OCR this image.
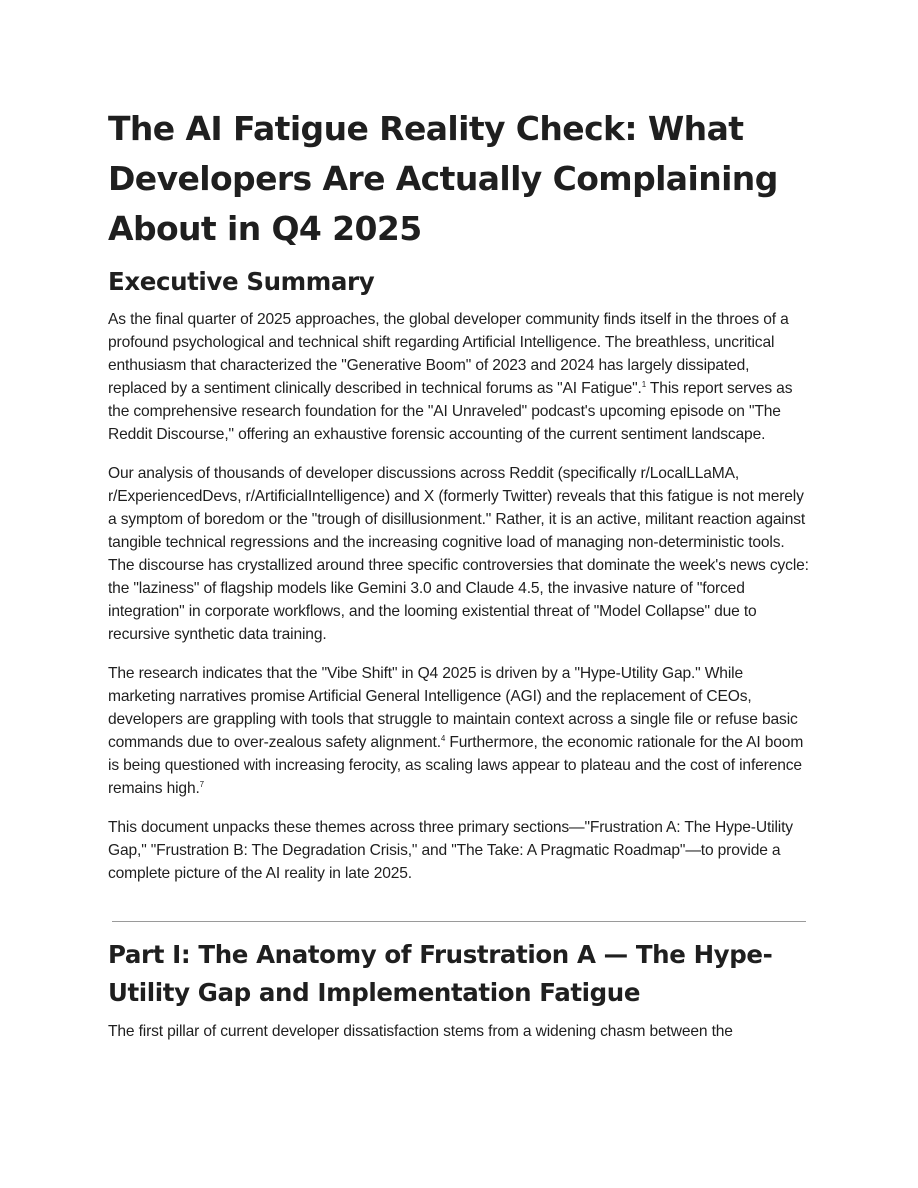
The AI Fatigue Reality Check: What Developers Are Actually Complaining About in Q4 2025
Executive Summary

As the final quarter of 2025 approaches, the global developer community finds itself in the throes of a profound psychological and technical shift regarding Artificial Intelligence. The breathless, uncritical enthusiasm that characterized the "Generative Boom" of 2023 and 2024 has largely dissipated, replaced by a sentiment clinically described in technical forums as "AI Fatigue".$^1$ This report serves as the comprehensive research foundation for the "AI Unraveled" podcast's upcoming episode on "The Reddit Discourse," offering an exhaustive forensic accounting of the current sentiment landscape.

Our analysis of thousands of developer discussions across Reddit (specifically r/LocalLLaMA, r/ExperiencedDevs, r/ArtificialIntelligence) and X (formerly Twitter) reveals that this fatigue is not merely a symptom of boredom or the "trough of disillusionment." Rather, it is an active, militant reaction against tangible technical regressions and the increasing cognitive load of managing non-deterministic tools. The discourse has crystallized around three specific controversies that dominate the week's news cycle: the "laziness" of flagship models like Gemini 3.0 and Claude 4.5, the invasive nature of "forced integration" in corporate workflows, and the looming existential threat of "Model Collapse" due to recursive synthetic data training.

The research indicates that the "Vibe Shift" in Q4 2025 is driven by a "Hype-Utility Gap." While marketing narratives promise Artificial General Intelligence (AGI) and the replacement of CEOs, developers are grappling with tools that struggle to maintain context across a single file or refuse basic commands due to over-zealous safety alignment.$^4$ Furthermore, the economic rationale for the AI boom is being questioned with increasing ferocity, as scaling laws appear to plateau and the cost of inference remains high.$^7$

This document unpacks these themes across three primary sections—"Frustration A: The Hype-Utility Gap," "Frustration B: The Degradation Crisis," and "The Take: A Pragmatic Roadmap"—to provide a complete picture of the AI reality in late 2025.

Part I: The Anatomy of Frustration A — The Hype-Utility Gap and Implementation Fatigue

The first pillar of current developer dissatisfaction stems from a widening chasm between the
